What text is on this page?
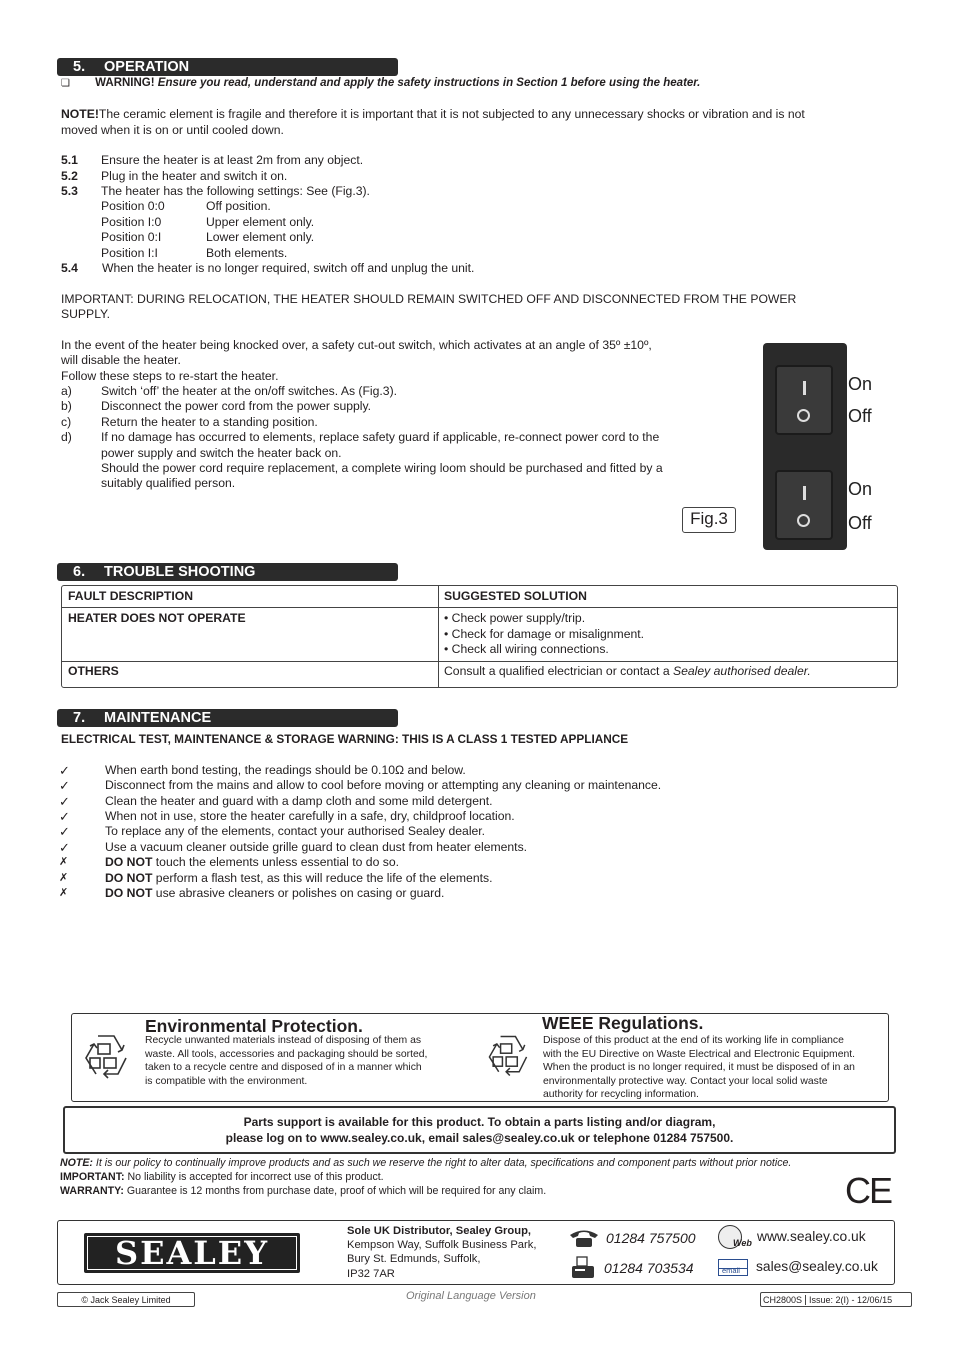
5. OPERATION
❏ WARNING! Ensure you read, understand and apply the safety instructions in Section 1 before using the heater.
NOTE!The ceramic element is fragile and therefore it is important that it is not subjected to any unnecessary shocks or vibration and is not
moved when it is on or until cooled down.
5.1 Ensure the heater is at least 2m from any object.
5.2 Plug in the heater and switch it on.
5.3 The heater has the following settings: See (Fig.3).
Position 0:0	Off position.
Position I:0	Upper element only.
Position 0:I	Lower element only.
Position I:I	Both elements.
5.4 When the heater is no longer required, switch off and unplug the unit.
IMPORTANT: DURING RELOCATION, THE HEATER SHOULD REMAIN SWITCHED OFF AND DISCONNECTED FROM THE POWER
SUPPLY.
In the event of the heater being knocked over, a safety cut-out switch, which activates at an angle of 35º ±10º,
will disable the heater.
Follow these steps to re-start the heater.
a) Switch ‘off’ the heater at the on/off switches. As (Fig.3).
b) Disconnect the power cord from the power supply.
c) Return the heater to a standing position.
d) If no damage has occurred to elements, replace safety guard if applicable, re-connect power cord to the
power supply and switch the heater back on.
Should the power cord require replacement, a complete wiring loom should be purchased and fitted by a
suitably qualified person.
Fig.3
On
Off
On
Off
6. TROUBLE SHOOTING
FAULT DESCRIPTION	SUGGESTED SOLUTION
HEATER DOES NOT OPERATE	• Check power supply/trip.
• Check for damage or misalignment.
• Check all wiring connections.
OTHERS	Consult a qualified electrician or contact a Sealey authorised dealer.
7. MAINTENANCE
ELECTRICAL TEST, MAINTENANCE & STORAGE WARNING: THIS IS A CLASS 1 TESTED APPLIANCE
✓	When earth bond testing, the readings should be 0.10Ω and below.
✓	Disconnect from the mains and allow to cool before moving or attempting any cleaning or maintenance.
✓	Clean the heater and guard with a damp cloth and some mild detergent.
✓	When not in use, store the heater carefully in a safe, dry, childproof location.
✓	To replace any of the elements, contact your authorised Sealey dealer.
✓	Use a vacuum cleaner outside grille guard to clean dust from heater elements.
✗	DO NOT touch the elements unless essential to do so.
✗	DO NOT perform a flash test, as this will reduce the life of the elements.
✗	DO NOT use abrasive cleaners or polishes on casing or guard.
Environmental Protection.
Recycle unwanted materials instead of disposing of them as
waste. All tools, accessories and packaging should be sorted,
taken to a recycle centre and disposed of in a manner which
is compatible with the environment.
WEEE Regulations.
Dispose of this product at the end of its working life in compliance
with the EU Directive on Waste Electrical and Electronic Equipment.
When the product is no longer required, it must be disposed of in an
environmentally protective way. Contact your local solid waste
authority for recycling information.
Parts support is available for this product. To obtain a parts listing and/or diagram,
please log on to www.sealey.co.uk, email sales@sealey.co.uk or telephone 01284 757500.
NOTE: It is our policy to continually improve products and as such we reserve the right to alter data, specifications and component parts without prior notice.
IMPORTANT: No liability is accepted for incorrect use of this product.
WARRANTY: Guarantee is 12 months from purchase date, proof of which will be required for any claim.	CE
SEALEY
Sole UK Distributor, Sealey Group,
Kempson Way, Suffolk Business Park,
Bury St. Edmunds, Suffolk,
IP32 7AR
01284 757500
01284 703534
Web www.sealey.co.uk
email sales@sealey.co.uk
© Jack Sealey Limited	Original Language Version	CH2800S Issue: 2(I) - 12/06/15
